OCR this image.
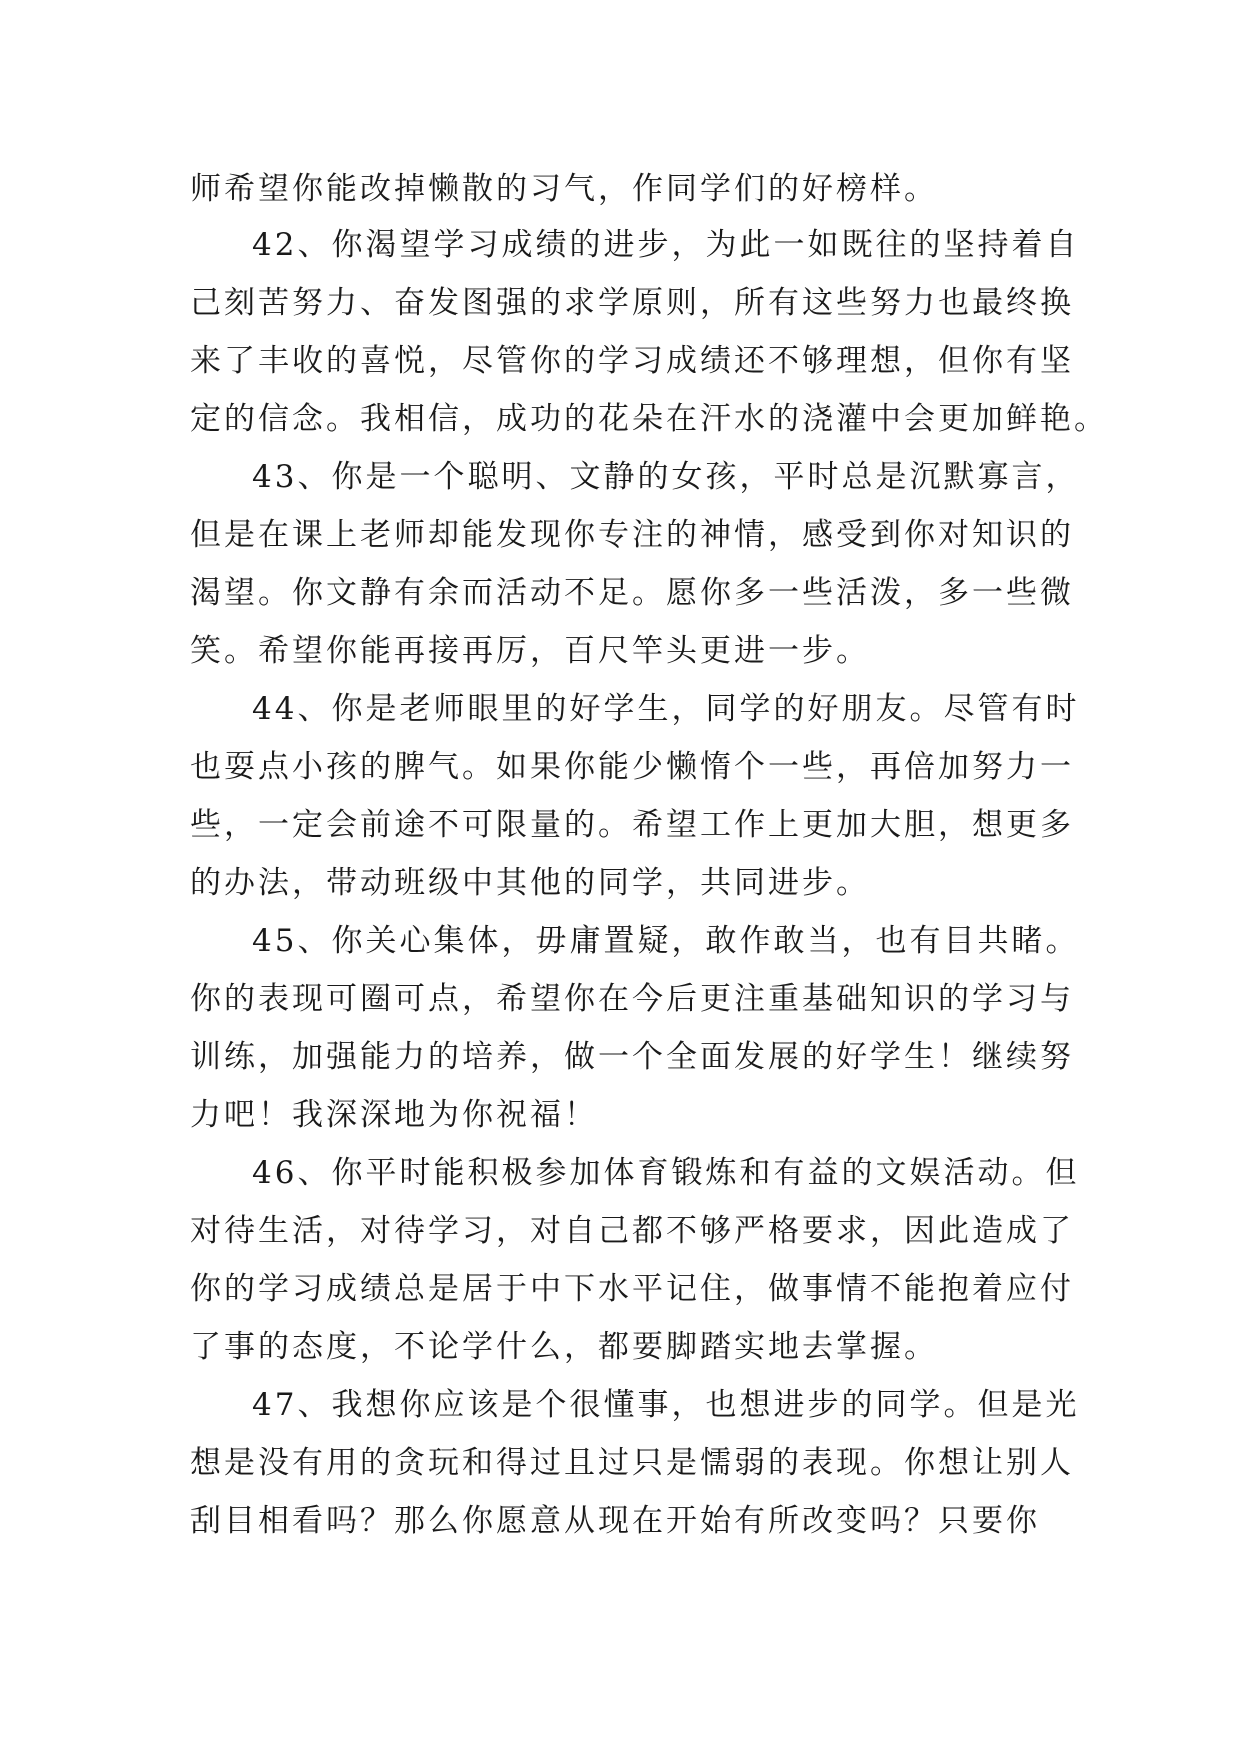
师希望你能改掉懒散的习气，作同学们的好榜样。
42、你渴望学习成绩的进步，为此一如既往的坚持着自
己刻苦努力、奋发图强的求学原则，所有这些努力也最终换
来了丰收的喜悦，尽管你的学习成绩还不够理想，但你有坚
定的信念。我相信，成功的花朵在汗水的浇灌中会更加鲜艳。
43、你是一个聪明、文静的女孩，平时总是沉默寡言，
但是在课上老师却能发现你专注的神情，感受到你对知识的
渴望。你文静有余而活动不足。愿你多一些活泼，多一些微
笑。希望你能再接再厉，百尺竿头更进一步。
44、你是老师眼里的好学生，同学的好朋友。尽管有时
也耍点小孩的脾气。如果你能少懒惰个一些，再倍加努力一
些，一定会前途不可限量的。希望工作上更加大胆，想更多
的办法，带动班级中其他的同学，共同进步。
45、你关心集体，毋庸置疑，敢作敢当，也有目共睹。
你的表现可圈可点，希望你在今后更注重基础知识的学习与
训练，加强能力的培养，做一个全面发展的好学生！继续努
力吧！我深深地为你祝福！
46、你平时能积极参加体育锻炼和有益的文娱活动。但
对待生活，对待学习，对自己都不够严格要求，因此造成了
你的学习成绩总是居于中下水平记住，做事情不能抱着应付
了事的态度，不论学什么，都要脚踏实地去掌握。
47、我想你应该是个很懂事，也想进步的同学。但是光
想是没有用的贪玩和得过且过只是懦弱的表现。你想让别人
刮目相看吗？那么你愿意从现在开始有所改变吗？只要你
